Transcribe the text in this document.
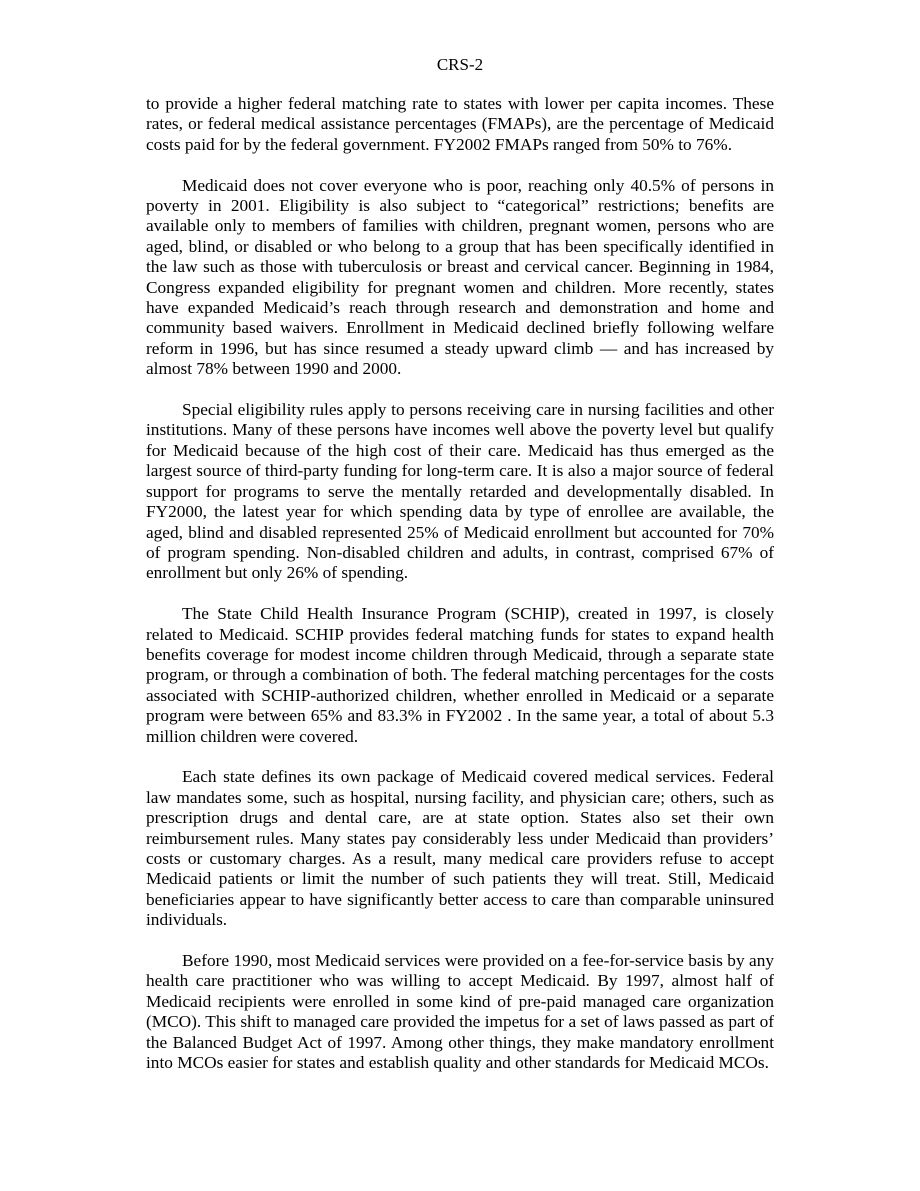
CRS-2

to provide a higher federal matching rate to states with lower per capita incomes. These rates, or federal medical assistance percentages (FMAPs), are the percentage of Medicaid costs paid for by the federal government. FY2002 FMAPs ranged from 50% to 76%.

Medicaid does not cover everyone who is poor, reaching only 40.5% of persons in poverty in 2001. Eligibility is also subject to “categorical” restrictions; benefits are available only to members of families with children, pregnant women, persons who are aged, blind, or disabled or who belong to a group that has been specifically identified in the law such as those with tuberculosis or breast and cervical cancer. Beginning in 1984, Congress expanded eligibility for pregnant women and children. More recently, states have expanded Medicaid’s reach through research and demonstration and home and community based waivers. Enrollment in Medicaid declined briefly following welfare reform in 1996, but has since resumed a steady upward climb — and has increased by almost 78% between 1990 and 2000.

Special eligibility rules apply to persons receiving care in nursing facilities and other institutions. Many of these persons have incomes well above the poverty level but qualify for Medicaid because of the high cost of their care. Medicaid has thus emerged as the largest source of third-party funding for long-term care. It is also a major source of federal support for programs to serve the mentally retarded and developmentally disabled. In FY2000, the latest year for which spending data by type of enrollee are available, the aged, blind and disabled represented 25% of Medicaid enrollment but accounted for 70% of program spending. Non-disabled children and adults, in contrast, comprised 67% of enrollment but only 26% of spending.

The State Child Health Insurance Program (SCHIP), created in 1997, is closely related to Medicaid. SCHIP provides federal matching funds for states to expand health benefits coverage for modest income children through Medicaid, through a separate state program, or through a combination of both. The federal matching percentages for the costs associated with SCHIP-authorized children, whether enrolled in Medicaid or a separate program were between 65% and 83.3% in FY2002 . In the same year, a total of about 5.3 million children were covered.

Each state defines its own package of Medicaid covered medical services. Federal law mandates some, such as hospital, nursing facility, and physician care; others, such as prescription drugs and dental care, are at state option. States also set their own reimbursement rules. Many states pay considerably less under Medicaid than providers’ costs or customary charges. As a result, many medical care providers refuse to accept Medicaid patients or limit the number of such patients they will treat. Still, Medicaid beneficiaries appear to have significantly better access to care than comparable uninsured individuals.

Before 1990, most Medicaid services were provided on a fee-for-service basis by any health care practitioner who was willing to accept Medicaid. By 1997, almost half of Medicaid recipients were enrolled in some kind of pre-paid managed care organization (MCO). This shift to managed care provided the impetus for a set of laws passed as part of the Balanced Budget Act of 1997. Among other things, they make mandatory enrollment into MCOs easier for states and establish quality and other standards for Medicaid MCOs.
